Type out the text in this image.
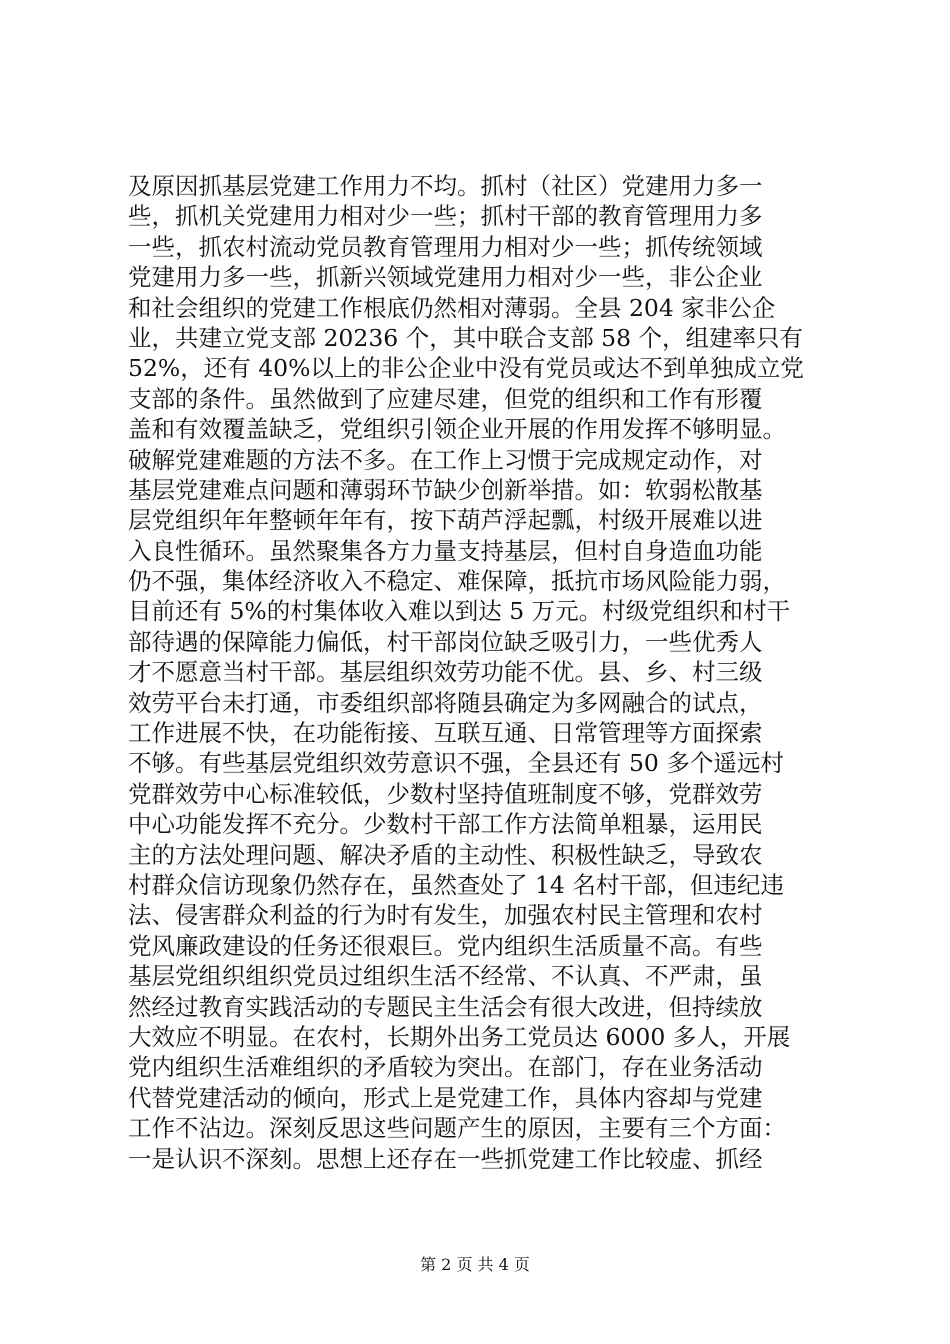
及原因抓基层党建工作用力不均。抓村（社区）党建用力多一
些，抓机关党建用力相对少一些；抓村干部的教育管理用力多
一些，抓农村流动党员教育管理用力相对少一些；抓传统领域
党建用力多一些，抓新兴领域党建用力相对少一些，非公企业
和社会组织的党建工作根底仍然相对薄弱。全县 204 家非公企
业，共建立党支部 20236 个，其中联合支部 58 个，组建率只有
52%，还有 40%以上的非公企业中没有党员或达不到单独成立党
支部的条件。虽然做到了应建尽建，但党的组织和工作有形覆
盖和有效覆盖缺乏，党组织引领企业开展的作用发挥不够明显。
破解党建难题的方法不多。在工作上习惯于完成规定动作，对
基层党建难点问题和薄弱环节缺少创新举措。如：软弱松散基
层党组织年年整顿年年有，按下葫芦浮起瓢，村级开展难以进
入良性循环。虽然聚集各方力量支持基层，但村自身造血功能
仍不强，集体经济收入不稳定、难保障，抵抗市场风险能力弱，
目前还有 5%的村集体收入难以到达 5 万元。村级党组织和村干
部待遇的保障能力偏低，村干部岗位缺乏吸引力，一些优秀人
才不愿意当村干部。基层组织效劳功能不优。县、乡、村三级
效劳平台未打通，市委组织部将随县确定为多网融合的试点，
工作进展不快，在功能衔接、互联互通、日常管理等方面探索
不够。有些基层党组织效劳意识不强，全县还有 50 多个遥远村
党群效劳中心标准较低，少数村坚持值班制度不够，党群效劳
中心功能发挥不充分。少数村干部工作方法简单粗暴，运用民
主的方法处理问题、解决矛盾的主动性、积极性缺乏，导致农
村群众信访现象仍然存在，虽然查处了 14 名村干部，但违纪违
法、侵害群众利益的行为时有发生，加强农村民主管理和农村
党风廉政建设的任务还很艰巨。党内组织生活质量不高。有些
基层党组织组织党员过组织生活不经常、不认真、不严肃，虽
然经过教育实践活动的专题民主生活会有很大改进，但持续放
大效应不明显。在农村，长期外出务工党员达 6000 多人，开展
党内组织生活难组织的矛盾较为突出。在部门，存在业务活动
代替党建活动的倾向，形式上是党建工作，具体内容却与党建
工作不沾边。深刻反思这些问题产生的原因，主要有三个方面：
一是认识不深刻。思想上还存在一些抓党建工作比较虚、抓经
第 2 页 共 4 页
